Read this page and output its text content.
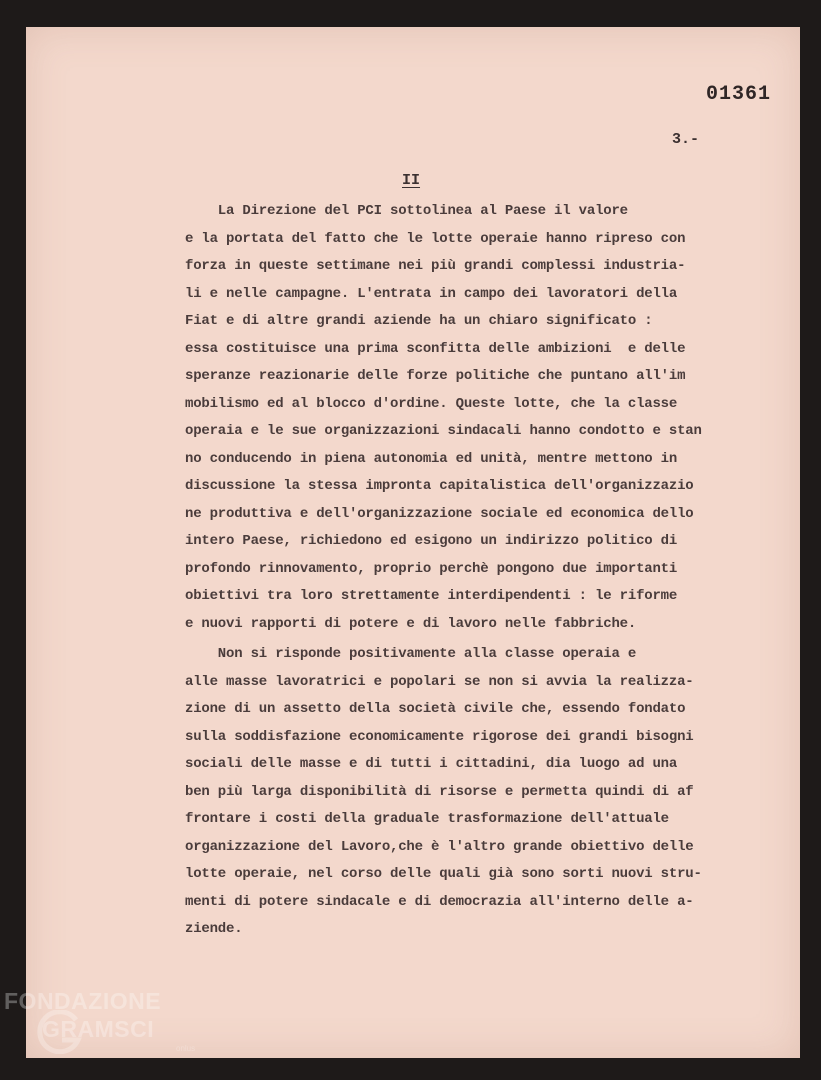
01361
3.-
II
La Direzione del PCI sottolinea al Paese il valore
e la portata del fatto che le lotte operaie hanno ripreso con
forza in queste settimane nei più grandi complessi industria-
li e nelle campagne. L'entrata in campo dei lavoratori della
Fiat e di altre grandi aziende ha un chiaro significato :
essa costituisce una prima sconfitta delle ambizioni  e delle
speranze reazionarie delle forze politiche che puntano all'im
mobilismo ed al blocco d'ordine. Queste lotte, che la classe
operaia e le sue organizzazioni sindacali hanno condotto e stan
no conducendo in piena autonomia ed unità, mentre mettono in
discussione la stessa impronta capitalistica dell'organizzazio
ne produttiva e dell'organizzazione sociale ed economica dello
intero Paese, richiedono ed esigono un indirizzo politico di
profondo rinnovamento, proprio perchè pongono due importanti
obiettivi tra loro strettamente interdipendenti : le riforme
e nuovi rapporti di potere e di lavoro nelle fabbriche.
Non si risponde positivamente alla classe operaia e
alle masse lavoratrici e popolari se non si avvia la realizza-
zione di un assetto della società civile che, essendo fondato
sulla soddisfazione economicamente rigorose dei grandi bisogni
sociali delle masse e di tutti i cittadini, dia luogo ad una
ben più larga disponibilità di risorse e permetta quindi di af
frontare i costi della graduale trasformazione dell'attuale
organizzazione del Lavoro,che è l'altro grande obiettivo delle
lotte operaie, nel corso delle quali già sono sorti nuovi stru-
menti di potere sindacale e di democrazia all'interno delle a-
ziende.
FONDAZIONE
GRAMSCI
onlus
